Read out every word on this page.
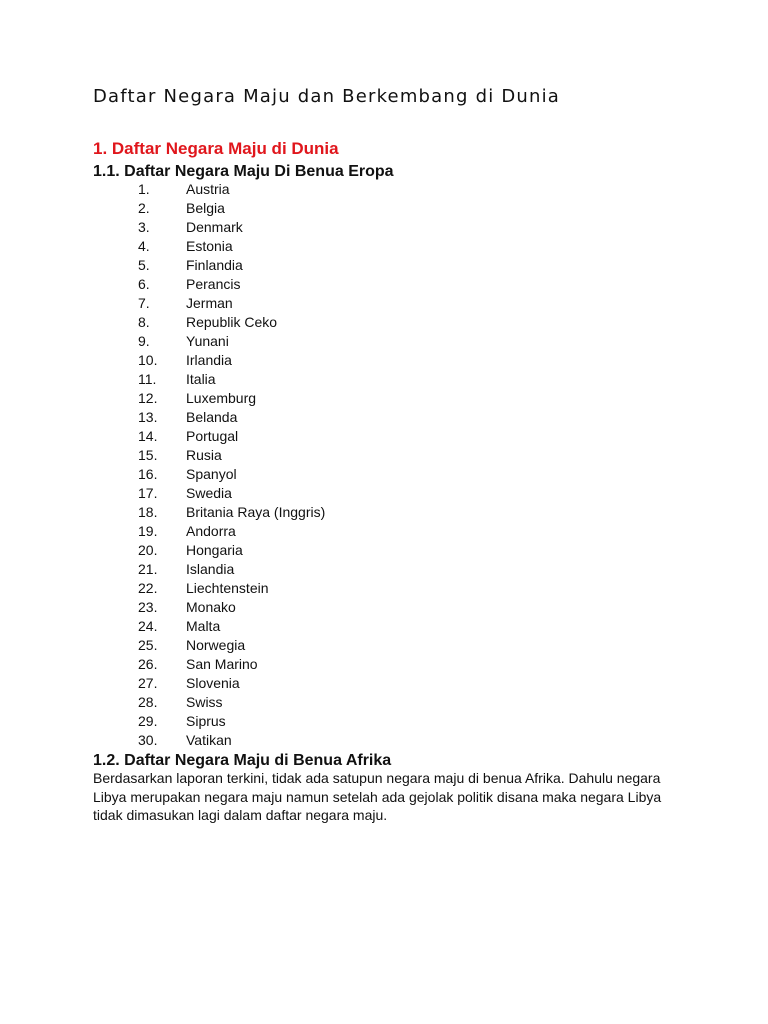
Daftar Negara Maju dan Berkembang di Dunia
1. Daftar Negara Maju di Dunia
1.1. Daftar Negara Maju Di Benua Eropa
1.	Austria
2.	Belgia
3.	Denmark
4.	Estonia
5.	Finlandia
6.	Perancis
7.	Jerman
8.	Republik Ceko
9.	Yunani
10. Irlandia
11. Italia
12. Luxemburg
13. Belanda
14. Portugal
15. Rusia
16. Spanyol
17. Swedia
18. Britania Raya (Inggris)
19. Andorra
20. Hongaria
21. Islandia
22. Liechtenstein
23. Monako
24. Malta
25. Norwegia
26. San Marino
27. Slovenia
28. Swiss
29. Siprus
30. Vatikan
1.2. Daftar Negara Maju di Benua Afrika

Berdasarkan laporan terkini, tidak ada satupun negara maju di benua Afrika. Dahulu negara Libya merupakan negara maju namun setelah ada gejolak politik disana maka negara Libya tidak dimasukan lagi dalam daftar negara maju.
